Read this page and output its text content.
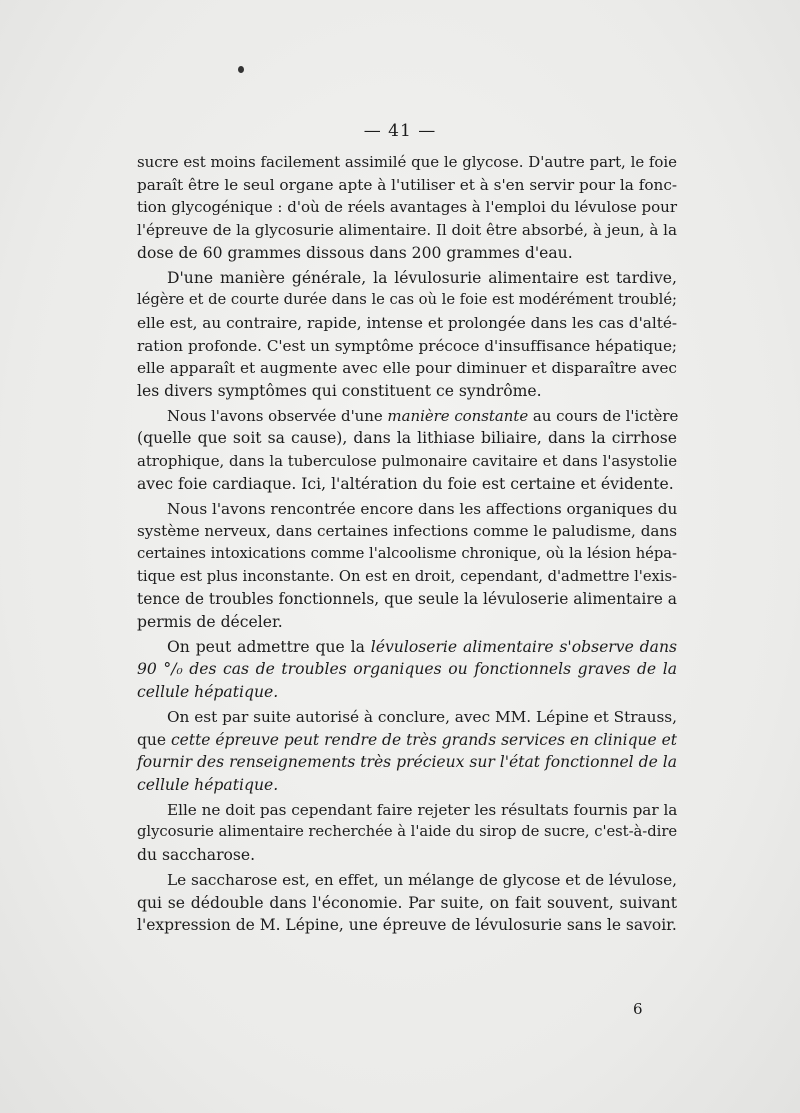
— 41 —
sucre est moins facilement assimilé que le glycose. D'autre part, le foie
paraît être le seul organe apte à l'utiliser et à s'en servir pour la fonc-
tion glycogénique : d'où de réels avantages à l'emploi du lévulose pour
l'épreuve de la glycosurie alimentaire. Il doit être absorbé, à jeun, à la
dose de 60 grammes dissous dans 200 grammes d'eau.
D'une manière générale, la lévulosurie alimentaire est tardive,
légère et de courte durée dans le cas où le foie est modérément troublé;
elle est, au contraire, rapide, intense et prolongée dans les cas d'alté-
ration profonde. C'est un symptôme précoce d'insuffisance hépatique;
elle apparaît et augmente avec elle pour diminuer et disparaître avec
les divers symptômes qui constituent ce syndrôme.
Nous l'avons observée d'une manière constante au cours de l'ictère
(quelle que soit sa cause), dans la lithiase biliaire, dans la cirrhose
atrophique, dans la tuberculose pulmonaire cavitaire et dans l'asystolie
avec foie cardiaque. Ici, l'altération du foie est certaine et évidente.
Nous l'avons rencontrée encore dans les affections organiques du
système nerveux, dans certaines infections comme le paludisme, dans
certaines intoxications comme l'alcoolisme chronique, où la lésion hépa-
tique est plus inconstante. On est en droit, cependant, d'admettre l'exis-
tence de troubles fonctionnels, que seule la lévuloserie alimentaire a
permis de déceler.
On peut admettre que la lévuloserie alimentaire s'observe dans
90 °/₀ des cas de troubles organiques ou fonctionnels graves de la
cellule hépatique.
On est par suite autorisé à conclure, avec MM. Lépine et Strauss,
que cette épreuve peut rendre de très grands services en clinique et
fournir des renseignements très précieux sur l'état fonctionnel de la
cellule hépatique.
Elle ne doit pas cependant faire rejeter les résultats fournis par la
glycosurie alimentaire recherchée à l'aide du sirop de sucre, c'est-à-dire
du saccharose.
Le saccharose est, en effet, un mélange de glycose et de lévulose,
qui se dédouble dans l'économie. Par suite, on fait souvent, suivant
l'expression de M. Lépine, une épreuve de lévulosurie sans le savoir.
6
